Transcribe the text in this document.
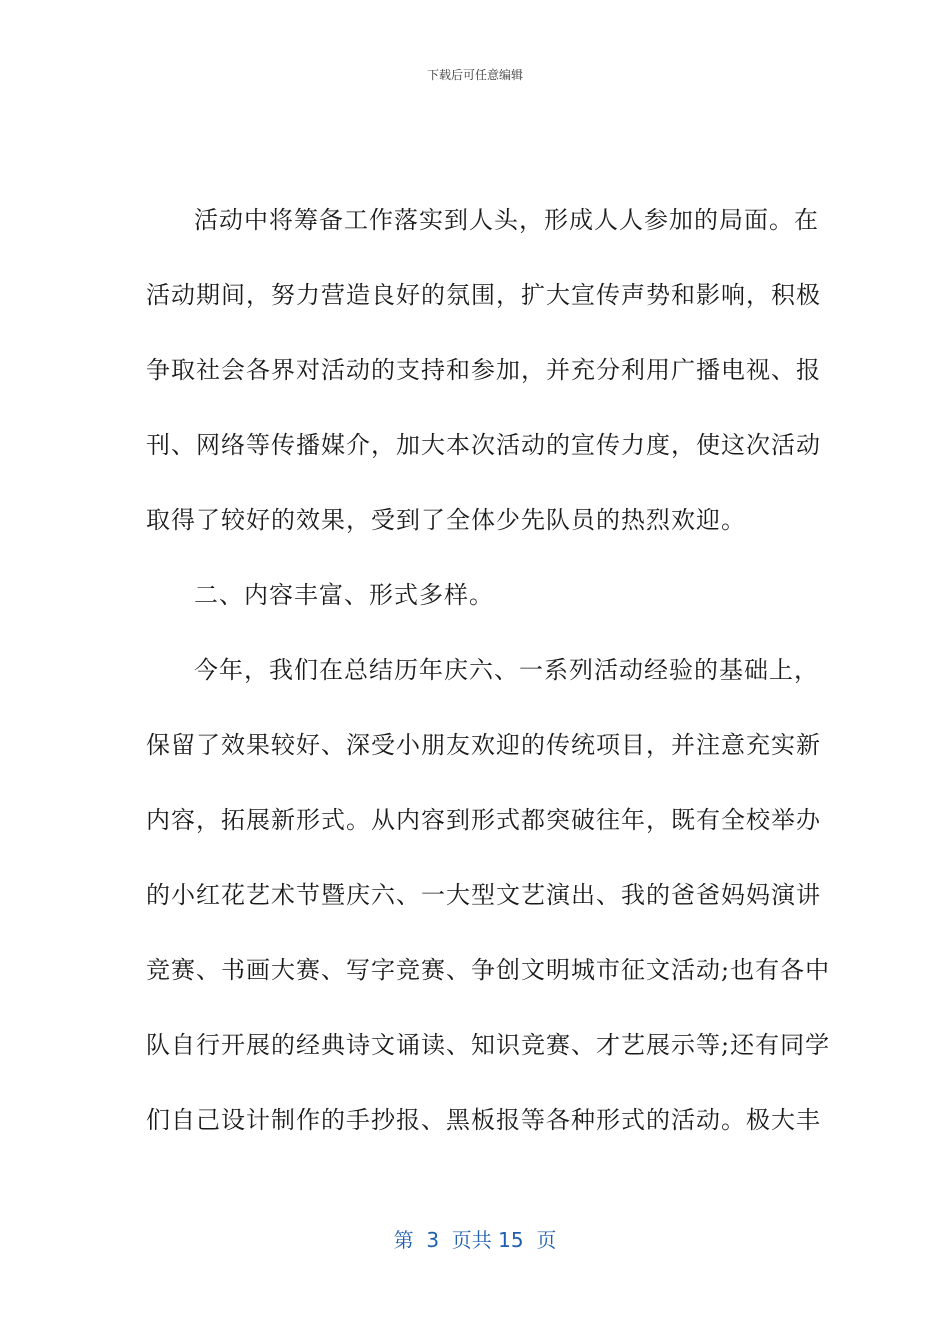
下载后可任意编辑
活动中将筹备工作落实到人头，形成人人参加的局面。在
活动期间，努力营造良好的氛围，扩大宣传声势和影响，积极
争取社会各界对活动的支持和参加，并充分利用广播电视、报
刊、网络等传播媒介，加大本次活动的宣传力度，使这次活动
取得了较好的效果，受到了全体少先队员的热烈欢迎。
二、内容丰富、形式多样。
今年，我们在总结历年庆六、一系列活动经验的基础上，
保留了效果较好、深受小朋友欢迎的传统项目，并注意充实新
内容，拓展新形式。从内容到形式都突破往年，既有全校举办
的小红花艺术节暨庆六、一大型文艺演出、我的爸爸妈妈演讲
竞赛、书画大赛、写字竞赛、争创文明城市征文活动;也有各中
队自行开展的经典诗文诵读、知识竞赛、才艺展示等;还有同学
们自己设计制作的手抄报、黑板报等各种形式的活动。极大丰
第  3  页共 15  页
